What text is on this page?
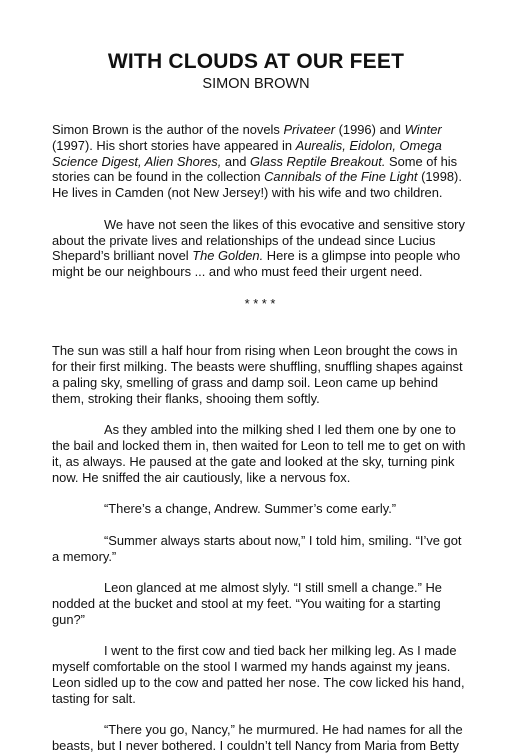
WITH CLOUDS AT OUR FEET
SIMON BROWN

Simon Brown is the author of the novels Privateer (1996) and Winter (1997). His short stories have appeared in Aurealis, Eidolon, Omega Science Digest, Alien Shores, and Glass Reptile Breakout. Some of his stories can be found in the collection Cannibals of the Fine Light (1998). He lives in Camden (not New Jersey!) with his wife and two children.

We have not seen the likes of this evocative and sensitive story about the private lives and relationships of the undead since Lucius Shepard’s brilliant novel The Golden. Here is a glimpse into people who might be our neighbours ... and who must feed their urgent need.

* * * *

The sun was still a half hour from rising when Leon brought the cows in for their first milking. The beasts were shuffling, snuffling shapes against a paling sky, smelling of grass and damp soil. Leon came up behind them, stroking their flanks, shooing them softly.

As they ambled into the milking shed I led them one by one to the bail and locked them in, then waited for Leon to tell me to get on with it, as always. He paused at the gate and looked at the sky, turning pink now. He sniffed the air cautiously, like a nervous fox.

“There’s a change, Andrew. Summer’s come early.”

“Summer always starts about now,” I told him, smiling. “I’ve got a memory.”

Leon glanced at me almost slyly. “I still smell a change.” He nodded at the bucket and stool at my feet. “You waiting for a starting gun?”

I went to the first cow and tied back her milking leg. As I made myself comfortable on the stool I warmed my hands against my jeans. Leon sidled up to the cow and patted her nose. The cow licked his hand, tasting for salt.

“There you go, Nancy,” he murmured. He had names for all the beasts, but I never bothered. I couldn’t tell Nancy from Maria from Betty
